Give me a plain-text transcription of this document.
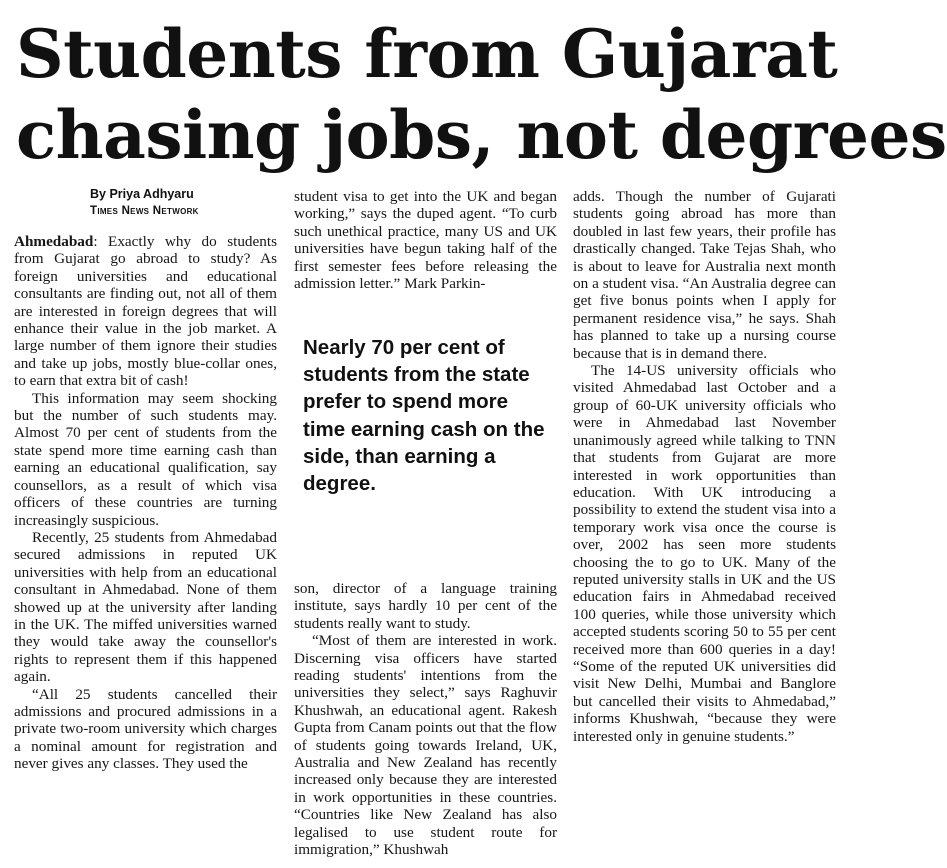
Students from Gujarat
chasing jobs, not degrees
By Priya Adhyaru
Times News Network

Ahmedabad: Exactly why do students from Gujarat go abroad to study? As foreign universities and educational consultants are finding out, not all of them are interested in foreign degrees that will enhance their value in the job market. A large number of them ignore their studies and take up jobs, mostly blue-collar ones, to earn that extra bit of cash!

This information may seem shocking but the number of such students may. Almost 70 per cent of students from the state spend more time earning cash than earning an educational qualification, say counsellors, as a result of which visa officers of these countries are turning increasingly suspicious.

Recently, 25 students from Ahmedabad secured admissions in reputed UK universities with help from an educational consultant in Ahmedabad. None of them showed up at the university after landing in the UK. The miffed universities warned they would take away the counsellor's rights to represent them if this happened again.

“All 25 students cancelled their admissions and procured admissions in a private two-room university which charges a nominal amount for registration and never gives any classes. They used the

student visa to get into the UK and began working,” says the duped agent. “To curb such unethical practice, many US and UK universities have begun taking half of the first semester fees before releasing the admission letter.” Mark Parkin-

Nearly 70 per cent of students from the state prefer to spend more time earning cash on the side, than earning a degree.

son, director of a language training institute, says hardly 10 per cent of the students really want to study.

“Most of them are interested in work. Discerning visa officers have started reading students' intentions from the universities they select,” says Raghuvir Khushwah, an educational agent. Rakesh Gupta from Canam points out that the flow of students going towards Ireland, UK, Australia and New Zealand has recently increased only because they are interested in work opportunities in these countries. “Countries like New Zealand has also legalised to use student route for immigration,” Khushwah

adds. Though the number of Gujarati students going abroad has more than doubled in last few years, their profile has drastically changed. Take Tejas Shah, who is about to leave for Australia next month on a student visa. “An Australia degree can get five bonus points when I apply for permanent residence visa,” he says. Shah has planned to take up a nursing course because that is in demand there.

The 14-US university officials who visited Ahmedabad last October and a group of 60-UK university officials who were in Ahmedabad last November unanimously agreed while talking to TNN that students from Gujarat are more interested in work opportunities than education. With UK introducing a possibility to extend the student visa into a temporary work visa once the course is over, 2002 has seen more students choosing the to go to UK. Many of the reputed university stalls in UK and the US education fairs in Ahmedabad received 100 queries, while those university which accepted students scoring 50 to 55 per cent received more than 600 queries in a day! “Some of the reputed UK universities did visit New Delhi, Mumbai and Banglore but cancelled their visits to Ahmedabad,” informs Khushwah, “because they were interested only in genuine students.”
